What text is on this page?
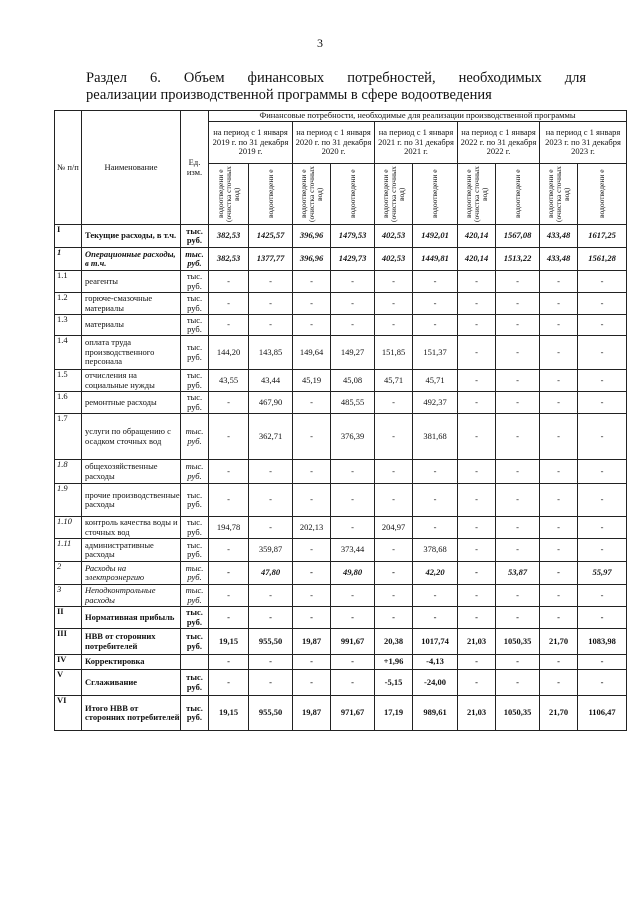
3
Раздел 6. Объем финансовых потребностей, необходимых для
реализации производственной программы в сфере водоотведения
№ п/п	Наименование	Ед. изм.	Финансовые потребности, необходимые для реализации производственной программы									
			на период с 1 января 2019 г. по 31 декабря 2019 г.		на период с 1 января 2020 г. по 31 декабря 2020 г.		на период с 1 января 2021 г. по 31 декабря 2021 г.		на период с 1 января 2022 г. по 31 декабря 2022 г.		на период с 1 января 2023 г. по 31 декабря 2023 г.	

			водоотведени е (очистка сточных вод)	водоотведени е	водоотведени е (очистка сточных вод)	водоотведени е	водоотведени е (очистка сточных вод)	водоотведени е	водоотведени е (очистка сточных вод)	водоотведени е	водоотведени е (очистка сточных вод)	водоотведени е

I	Текущие расходы, в т.ч.	тыс. руб.	382,53	1425,57	396,96	1479,53	402,53	1492,01	420,14	1567,08	433,48	1617,25
1	Операционные расходы, в т.ч.	тыс. руб.	382,53	1377,77	396,96	1429,73	402,53	1449,81	420,14	1513,22	433,48	1561,28
1.1	реагенты	тыс. руб.	-	-	-	-	-	-	-	-	-	-
1.2	горюче-смазочные материалы	тыс. руб.	-	-	-	-	-	-	-	-	-	-
1.3	материалы	тыс. руб.	-	-	-	-	-	-	-	-	-	-
1.4	оплата труда производственного персонала	тыс. руб.	144,20	143,85	149,64	149,27	151,85	151,37	-	-	-	-
1.5	отчисления на социальные нужды	тыс. руб.	43,55	43,44	45,19	45,08	45,71	45,71	-	-	-	-
1.6	ремонтные расходы	тыс. руб.	-	467,90	-	485,55	-	492,37	-	-	-	-
1.7	услуги по обращению с осадком сточных вод	тыс. руб.	-	362,71	-	376,39	-	381,68	-	-	-	-
1.8	общехозяйственные расходы	тыс. руб.	-	-	-	-	-	-	-	-	-	-
1.9	прочие производственные расходы	тыс. руб.	-	-	-	-	-	-	-	-	-	-
1.10	контроль качества воды и сточных вод	тыс. руб.	194,78	-	202,13	-	204,97	-	-	-	-	-
1.11	административные расходы	тыс. руб.	-	359,87	-	373,44	-	378,68	-	-	-	-
2	Расходы на электроэнергию	тыс. руб.	-	47,80	-	49,80	-	42,20	-	53,87	-	55,97
3	Неподконтрольные расходы	тыс. руб.	-	-	-	-	-	-	-	-	-	-
II	Нормативная прибыль	тыс. руб.	-	-	-	-	-	-	-	-	-	-
III	НВВ от сторонних потребителей	тыс. руб.	19,15	955,50	19,87	991,67	20,38	1017,74	21,03	1050,35	21,70	1083,98
IV	Корректировка		-	-	-	-	+1,96	-4,13	-	-	-	-
V	Сглаживание	тыс. руб.	-	-	-	-	-5,15	-24,00	-	-	-	-
VI	Итого НВВ от сторонних потребителей	тыс. руб.	19,15	955,50	19,87	971,67	17,19	989,61	21,03	1050,35	21,70	1106,47
